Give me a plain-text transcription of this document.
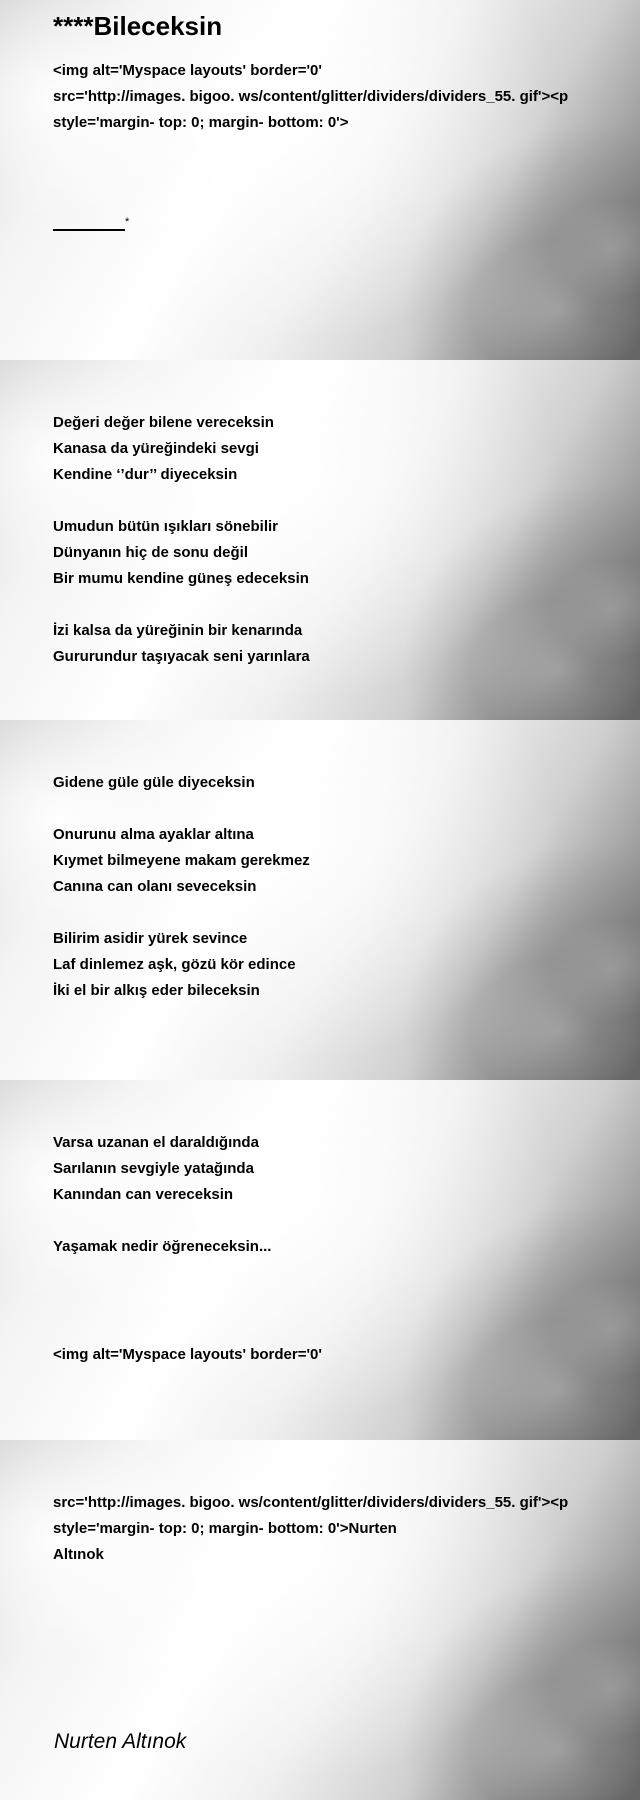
****Bileceksin
<img alt='Myspace layouts' border='0'
src='http://images. bigoo. ws/content/glitter/dividers/dividers_55. gif'><p
style='margin- top: 0; margin- bottom: 0'>
*
Değeri değer bilene vereceksin
Kanasa da yüreğindeki sevgi
Kendine ‘’dur’’ diyeceksin
Umudun bütün ışıkları sönebilir
Dünyanın hiç de sonu değil
Bir mumu kendine güneş edeceksin
İzi kalsa da yüreğinin bir kenarında
Gururundur taşıyacak seni yarınlara
Gidene güle güle diyeceksin
Onurunu alma ayaklar altına
Kıymet bilmeyene makam gerekmez
Canına can olanı seveceksin
Bilirim asidir yürek sevince
Laf dinlemez aşk, gözü kör edince
İki el bir alkış eder bileceksin
Varsa uzanan el daraldığında
Sarılanın sevgiyle yatağında
Kanından can vereceksin
Yaşamak nedir öğreneceksin...
<img alt='Myspace layouts' border='0'
src='http://images. bigoo. ws/content/glitter/dividers/dividers_55. gif'><p
style='margin- top: 0; margin- bottom: 0'>Nurten
Altınok
Nurten Altınok
